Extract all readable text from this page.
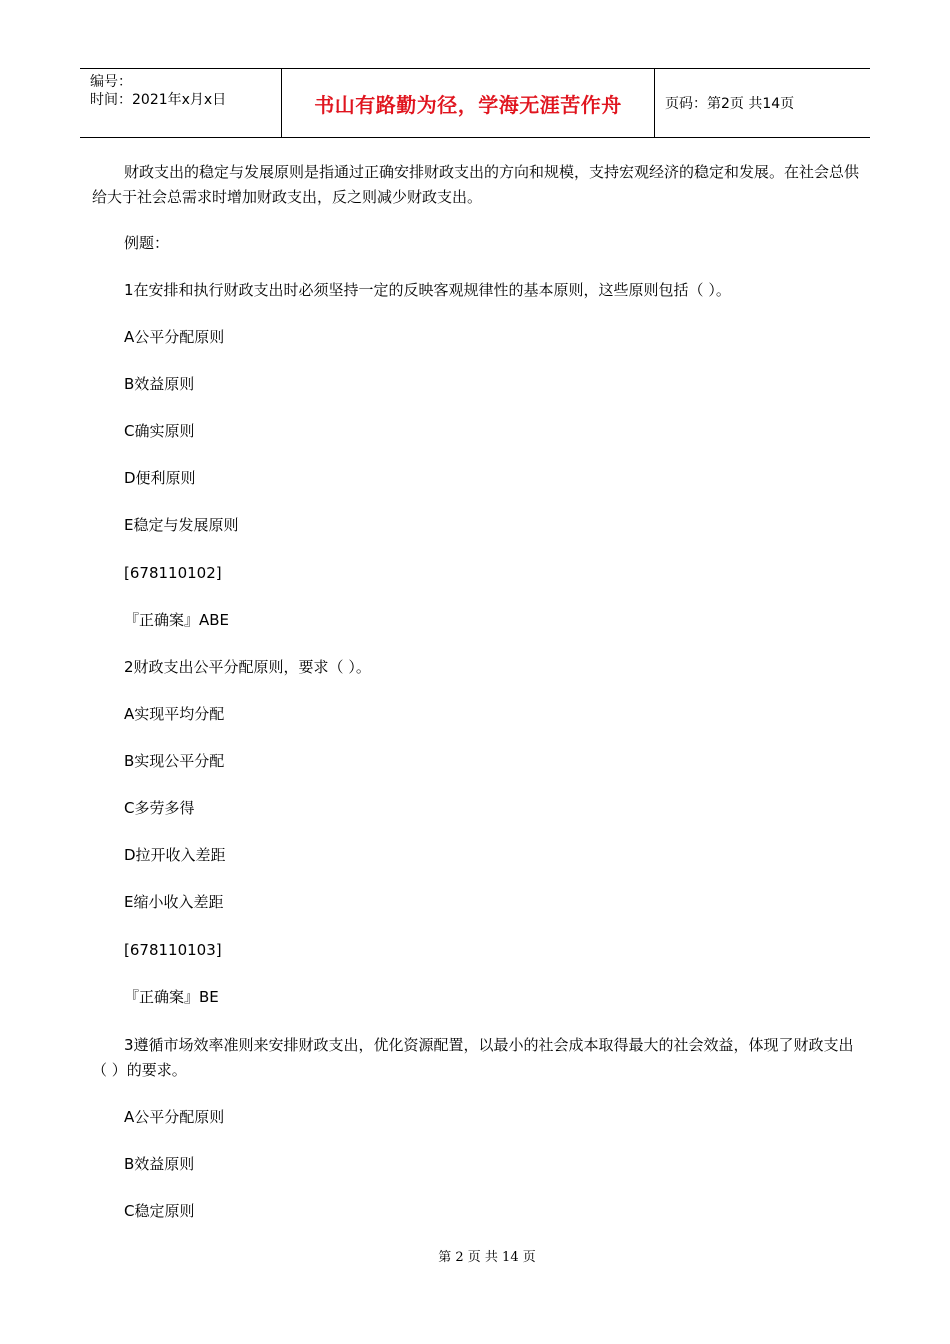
编号：
时间：2021年x月x日	书山有路勤为径，学海无涯苦作舟	页码：第2页 共14页

财政支出的稳定与发展原则是指通过正确安排财政支出的方向和规模，支持宏观经济的稳定和发展。在社会总供给大于社会总需求时增加财政支出，反之则减少财政支出。

例题：

1在安排和执行财政支出时必须坚持一定的反映客观规律性的基本原则，这些原则包括（ ）。

A公平分配原则

B效益原则

C确实原则

D便利原则

E稳定与发展原则

[678110102]

『正确案』ABE

2财政支出公平分配原则，要求（ ）。

A实现平均分配

B实现公平分配

C多劳多得

D拉开收入差距

E缩小收入差距

[678110103]

『正确案』BE

3遵循市场效率准则来安排财政支出，优化资源配置，以最小的社会成本取得最大的社会效益，体现了财政支出（ ）的要求。

A公平分配原则

B效益原则

C稳定原则

第 2 页 共 14 页
